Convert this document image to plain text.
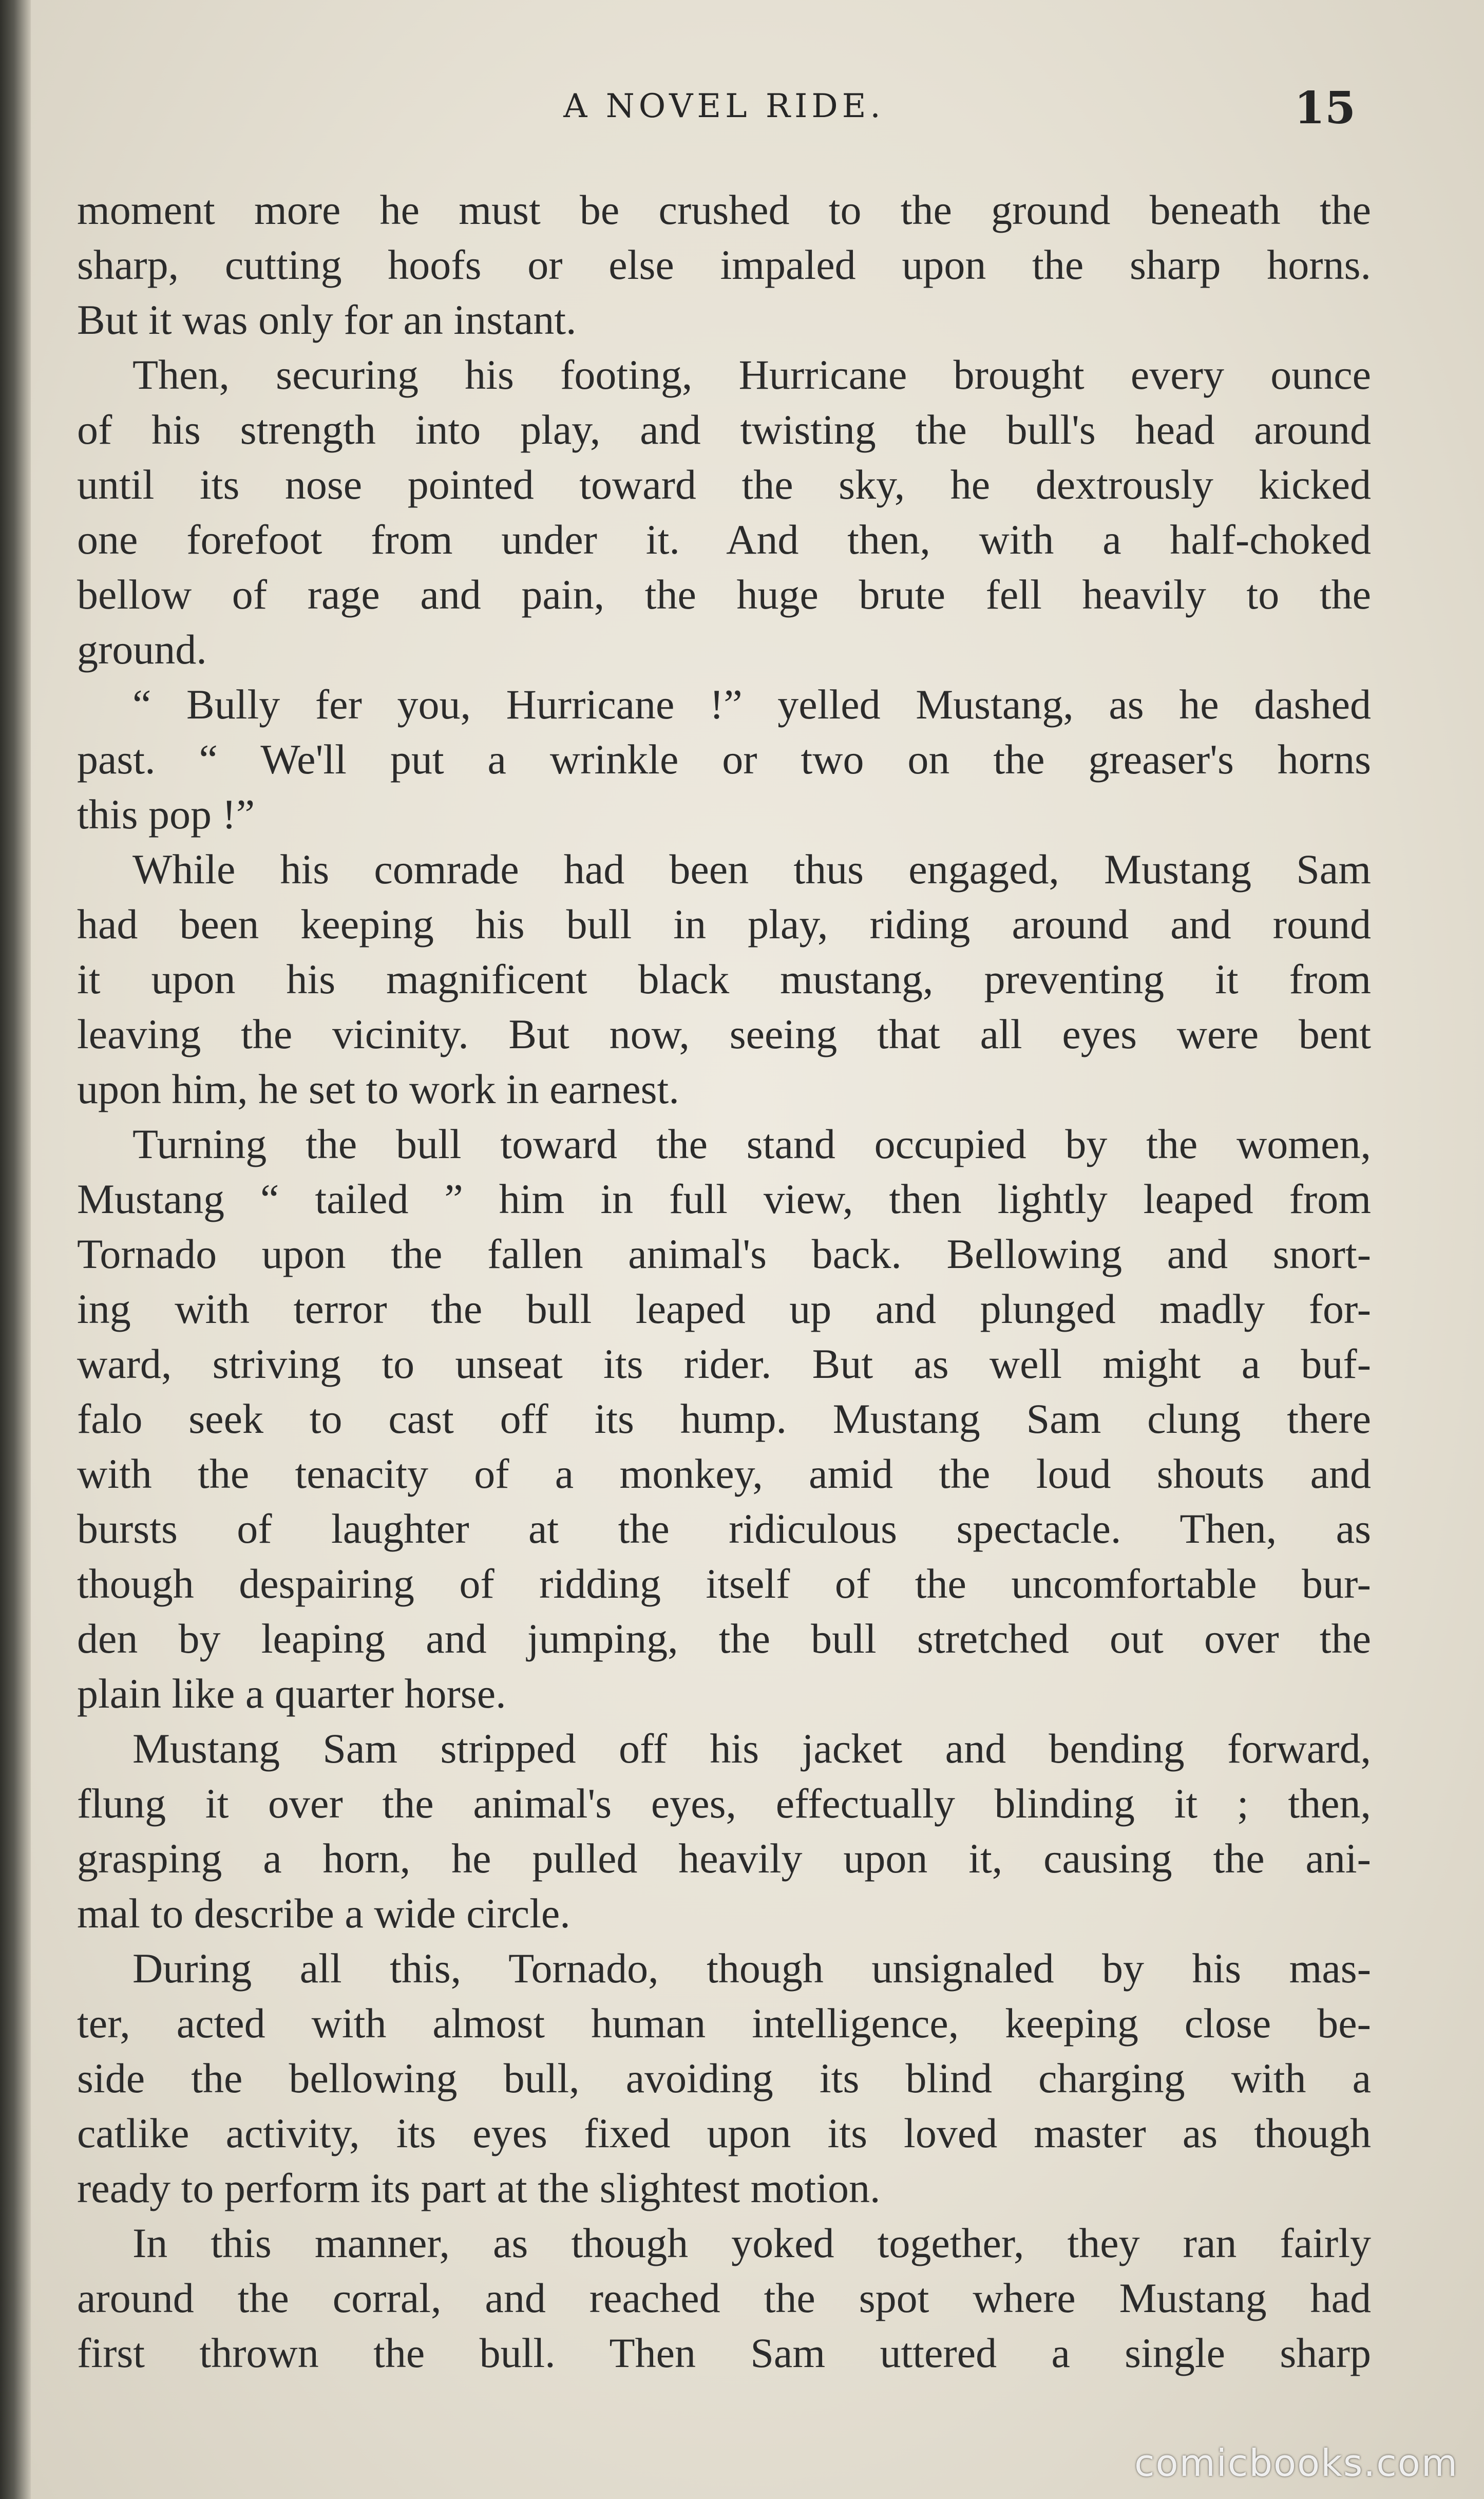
A NOVEL RIDE.	15
moment more he must be crushed to the ground beneath the
sharp, cutting hoofs or else impaled upon the sharp horns.
But it was only for an instant.
Then, securing his footing, Hurricane brought every ounce
of his strength into play, and twisting the bull's head around
until its nose pointed toward the sky, he dextrously kicked
one forefoot from under it. And then, with a half-choked
bellow of rage and pain, the huge brute fell heavily to the
ground.
“ Bully fer you, Hurricane !” yelled Mustang, as he dashed
past. “ We'll put a wrinkle or two on the greaser's horns
this pop !”
While his comrade had been thus engaged, Mustang Sam
had been keeping his bull in play, riding around and round
it upon his magnificent black mustang, preventing it from
leaving the vicinity. But now, seeing that all eyes were bent
upon him, he set to work in earnest.
Turning the bull toward the stand occupied by the women,
Mustang “ tailed ” him in full view, then lightly leaped from
Tornado upon the fallen animal's back. Bellowing and snort-
ing with terror the bull leaped up and plunged madly for-
ward, striving to unseat its rider. But as well might a buf-
falo seek to cast off its hump. Mustang Sam clung there
with the tenacity of a monkey, amid the loud shouts and
bursts of laughter at the ridiculous spectacle. Then, as
though despairing of ridding itself of the uncomfortable bur-
den by leaping and jumping, the bull stretched out over the
plain like a quarter horse.
Mustang Sam stripped off his jacket and bending forward,
flung it over the animal's eyes, effectually blinding it ; then,
grasping a horn, he pulled heavily upon it, causing the ani-
mal to describe a wide circle.
During all this, Tornado, though unsignaled by his mas-
ter, acted with almost human intelligence, keeping close be-
side the bellowing bull, avoiding its blind charging with a
catlike activity, its eyes fixed upon its loved master as though
ready to perform its part at the slightest motion.
In this manner, as though yoked together, they ran fairly
around the corral, and reached the spot where Mustang had
first thrown the bull. Then Sam uttered a single sharp
comicbooks.com
